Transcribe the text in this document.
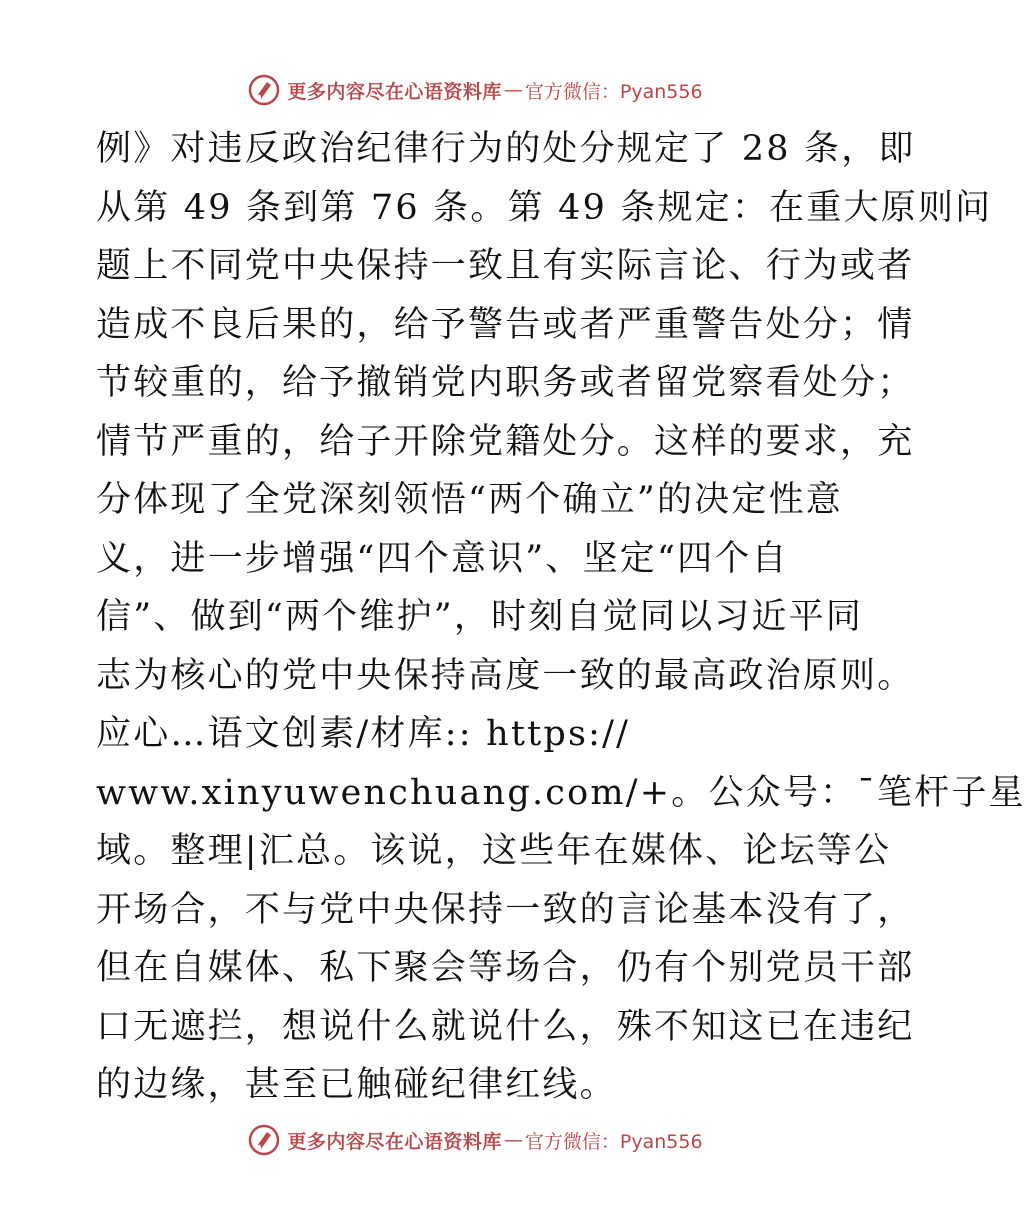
更多内容尽在心语资料库 — 官方微信：Pyan556
例》对违反政治纪律行为的处分规定了 28 条，即
从第 49 条到第 76 条。第 49 条规定：在重大原则问
题上不同党中央保持一致且有实际言论、行为或者
造成不良后果的，给予警告或者严重警告处分；情
节较重的，给予撤销党内职务或者留党察看处分；
情节严重的，给子开除党籍处分。这样的要求，充
分体现了全党深刻领悟“两个确立”的决定性意
义，进一步增强“四个意识”、坚定“四个自
信”、做到“两个维护”，时刻自觉同以习近平同
志为核心的党中央保持高度一致的最高政治原则。
应心…语文创素/材库:: https://
www.xinyuwenchuang.com/+。公众号：¯笔杆子星
域。整理|汇总。该说，这些年在媒体、论坛等公
开场合，不与党中央保持一致的言论基本没有了，
但在自媒体、私下聚会等场合，仍有个别党员干部
口无遮拦，想说什么就说什么，殊不知这已在违纪
的边缘，甚至已触碰纪律红线。
更多内容尽在心语资料库 — 官方微信：Pyan556
